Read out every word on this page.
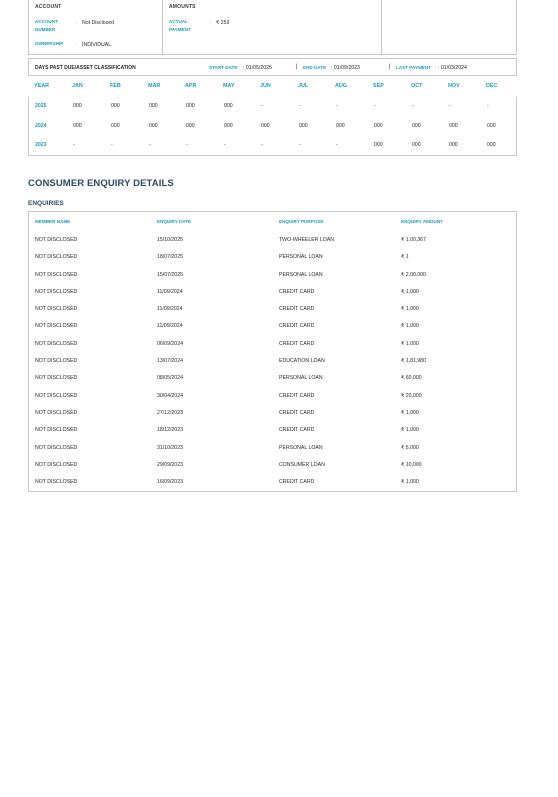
ACCOUNT
ACCOUNT NUMBER
: Not Disclosed
OWNERSHIP	: INDIVIDUAL
AMOUNTS
ACTUAL PAYMENT
: ₹ 259
DAYS PAST DUE/ASSET CLASSIFICATION	START DATE : 01/05/2025	| END DATE : 01/09/2023	| LAST PAYMENT : 01/03/2024
YEAR	JAN	FEB	MAR	APR	MAY	JUN	JUL	AUG	SEP	OCT	NOV	DEC
2025	000	000	000	000	000	-	-	-	-	-	-	-
2024	000	000	000	000	000	000	000	000	000	000	000	000
2023	-	-	-	-	-	-	-	-	000	000	000	000
CONSUMER ENQUIRY DETAILS
ENQUIRIES
MEMBER NAME	ENQUIRY DATE	ENQUIRY PURPOSE	ENQUIRY AMOUNT
NOT DISCLOSED	15/10/2025	TWO-WHEELER LOAN	₹ 1,00,367
NOT DISCLOSED	18/07/2025	PERSONAL LOAN	₹ 1
NOT DISCLOSED	15/07/2025	PERSONAL LOAN	₹ 2,00,000
NOT DISCLOSED	11/09/2024	CREDIT CARD	₹ 1,000
NOT DISCLOSED	11/09/2024	CREDIT CARD	₹ 1,000
NOT DISCLOSED	11/09/2024	CREDIT CARD	₹ 1,000
NOT DISCLOSED	06/09/2024	CREDIT CARD	₹ 1,000
NOT DISCLOSED	13/07/2024	EDUCATION LOAN	₹ 1,81,980
NOT DISCLOSED	08/05/2024	PERSONAL LOAN	₹ 60,000
NOT DISCLOSED	30/04/2024	CREDIT CARD	₹ 20,000
NOT DISCLOSED	27/12/2023	CREDIT CARD	₹ 1,000
NOT DISCLOSED	18/12/2023	CREDIT CARD	₹ 1,000
NOT DISCLOSED	31/10/2023	PERSONAL LOAN	₹ 5,000
NOT DISCLOSED	29/09/2023	CONSUMER LOAN	₹ 10,000
NOT DISCLOSED	16/09/2023	CREDIT CARD	₹ 1,000
